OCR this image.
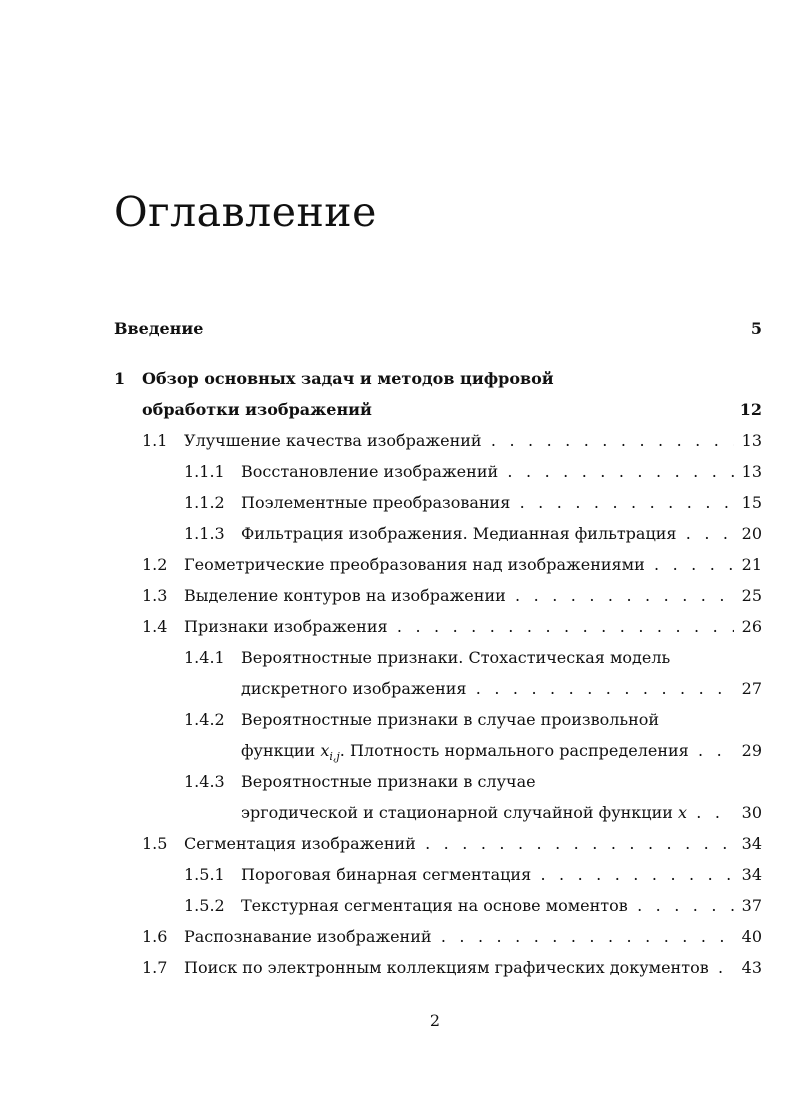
Оглавление
Введение	5
1 Обзор основных задач и методов цифровой
обработки изображений	12
1.1 Улучшение качества изображений . . .	13
1.1.1 Восстановление изображений . . .	13
1.1.2 Поэлементные преобразования . . .	15
1.1.3 Фильтрация изображения. Медианная фильтрация . . .	20
1.2 Геометрические преобразования над изображениями . . .	21
1.3 Выделение контуров на изображении . . .	25
1.4 Признаки изображения . . .	26
1.4.1 Вероятностные признаки. Стохастическая модель
дискретного изображения . . .	27
1.4.2 Вероятностные признаки в случае произвольной
функции $x_{i,j}$. Плотность нормального распределения . . .	29
1.4.3 Вероятностные признаки в случае
эргодической и стационарной случайной функции x . . .	30
1.5 Сегментация изображений . . .	34
1.5.1 Пороговая бинарная сегментация . . .	34
1.5.2 Текстурная сегментация на основе моментов . . .	37
1.6 Распознавание изображений . . .	40
1.7 Поиск по электронным коллекциям графических документов . . .	43
2
